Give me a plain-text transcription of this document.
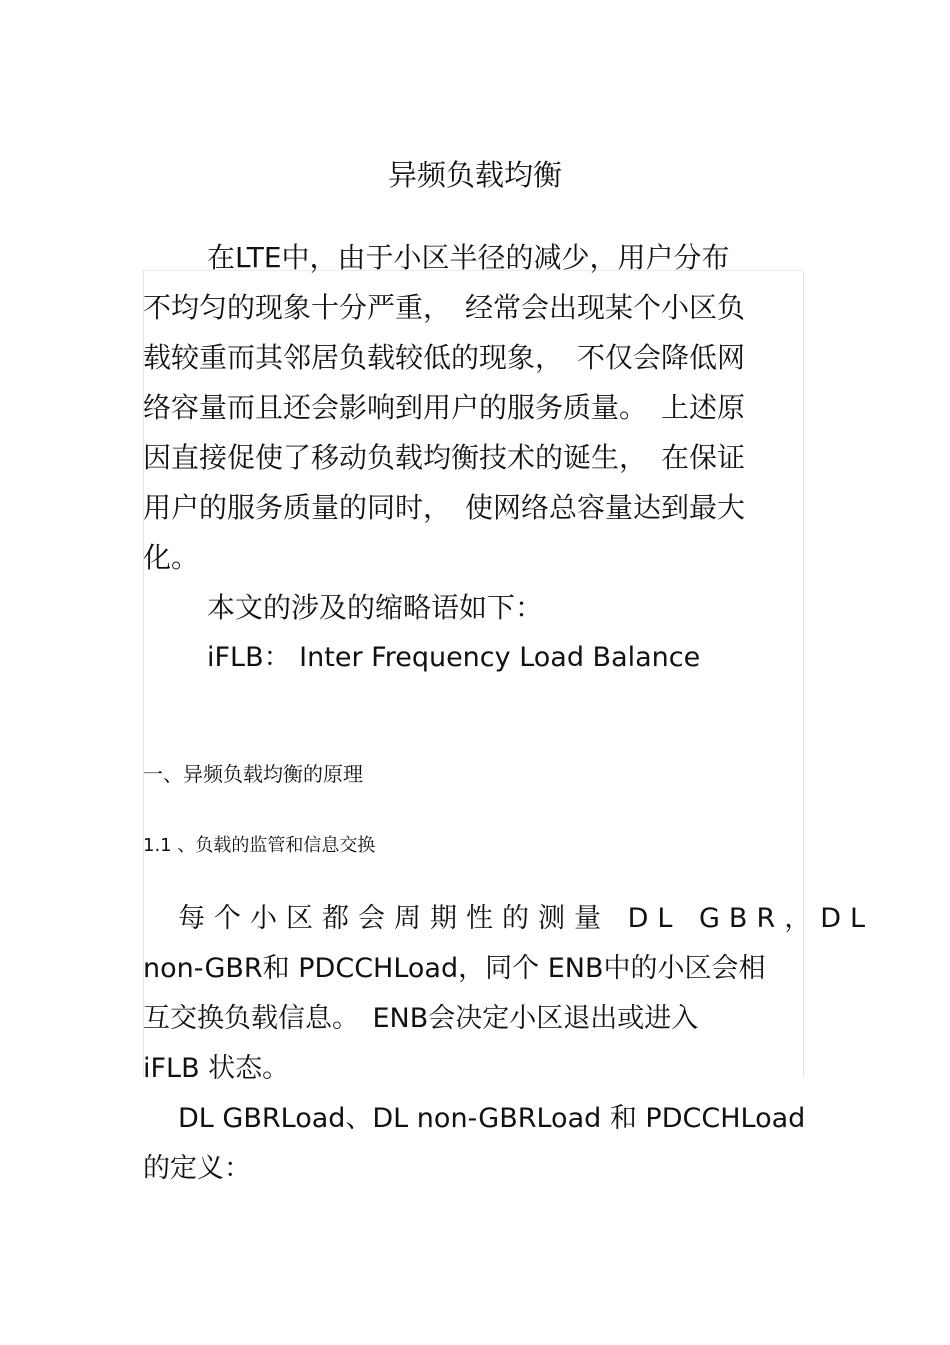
异频负载均衡
在LTE中，由于小区半径的减少，用户分布
不均匀的现象十分严重，　经常会出现某个小区负
载较重而其邻居负载较低的现象，　不仅会降低网
络容量而且还会影响到用户的服务质量。　上述原
因直接促使了移动负载均衡技术的诞生，　在保证
用户的服务质量的同时，　使网络总容量达到最大
化。
本文的涉及的缩略语如下：
iFLB： Inter Frequency Load Balance
一、异频负载均衡的原理
1.1 、负载的监管和信息交换
每个小区都会周期性的测量 DL GBR，DL
non-GBR和 PDCCHLoad，同个 ENB中的小区会相
互交换负载信息。　ENB会决定小区退出或进入
iFLB 状态。
DL GBRLoad、DL non-GBRLoad 和 PDCCHLoad
的定义：
